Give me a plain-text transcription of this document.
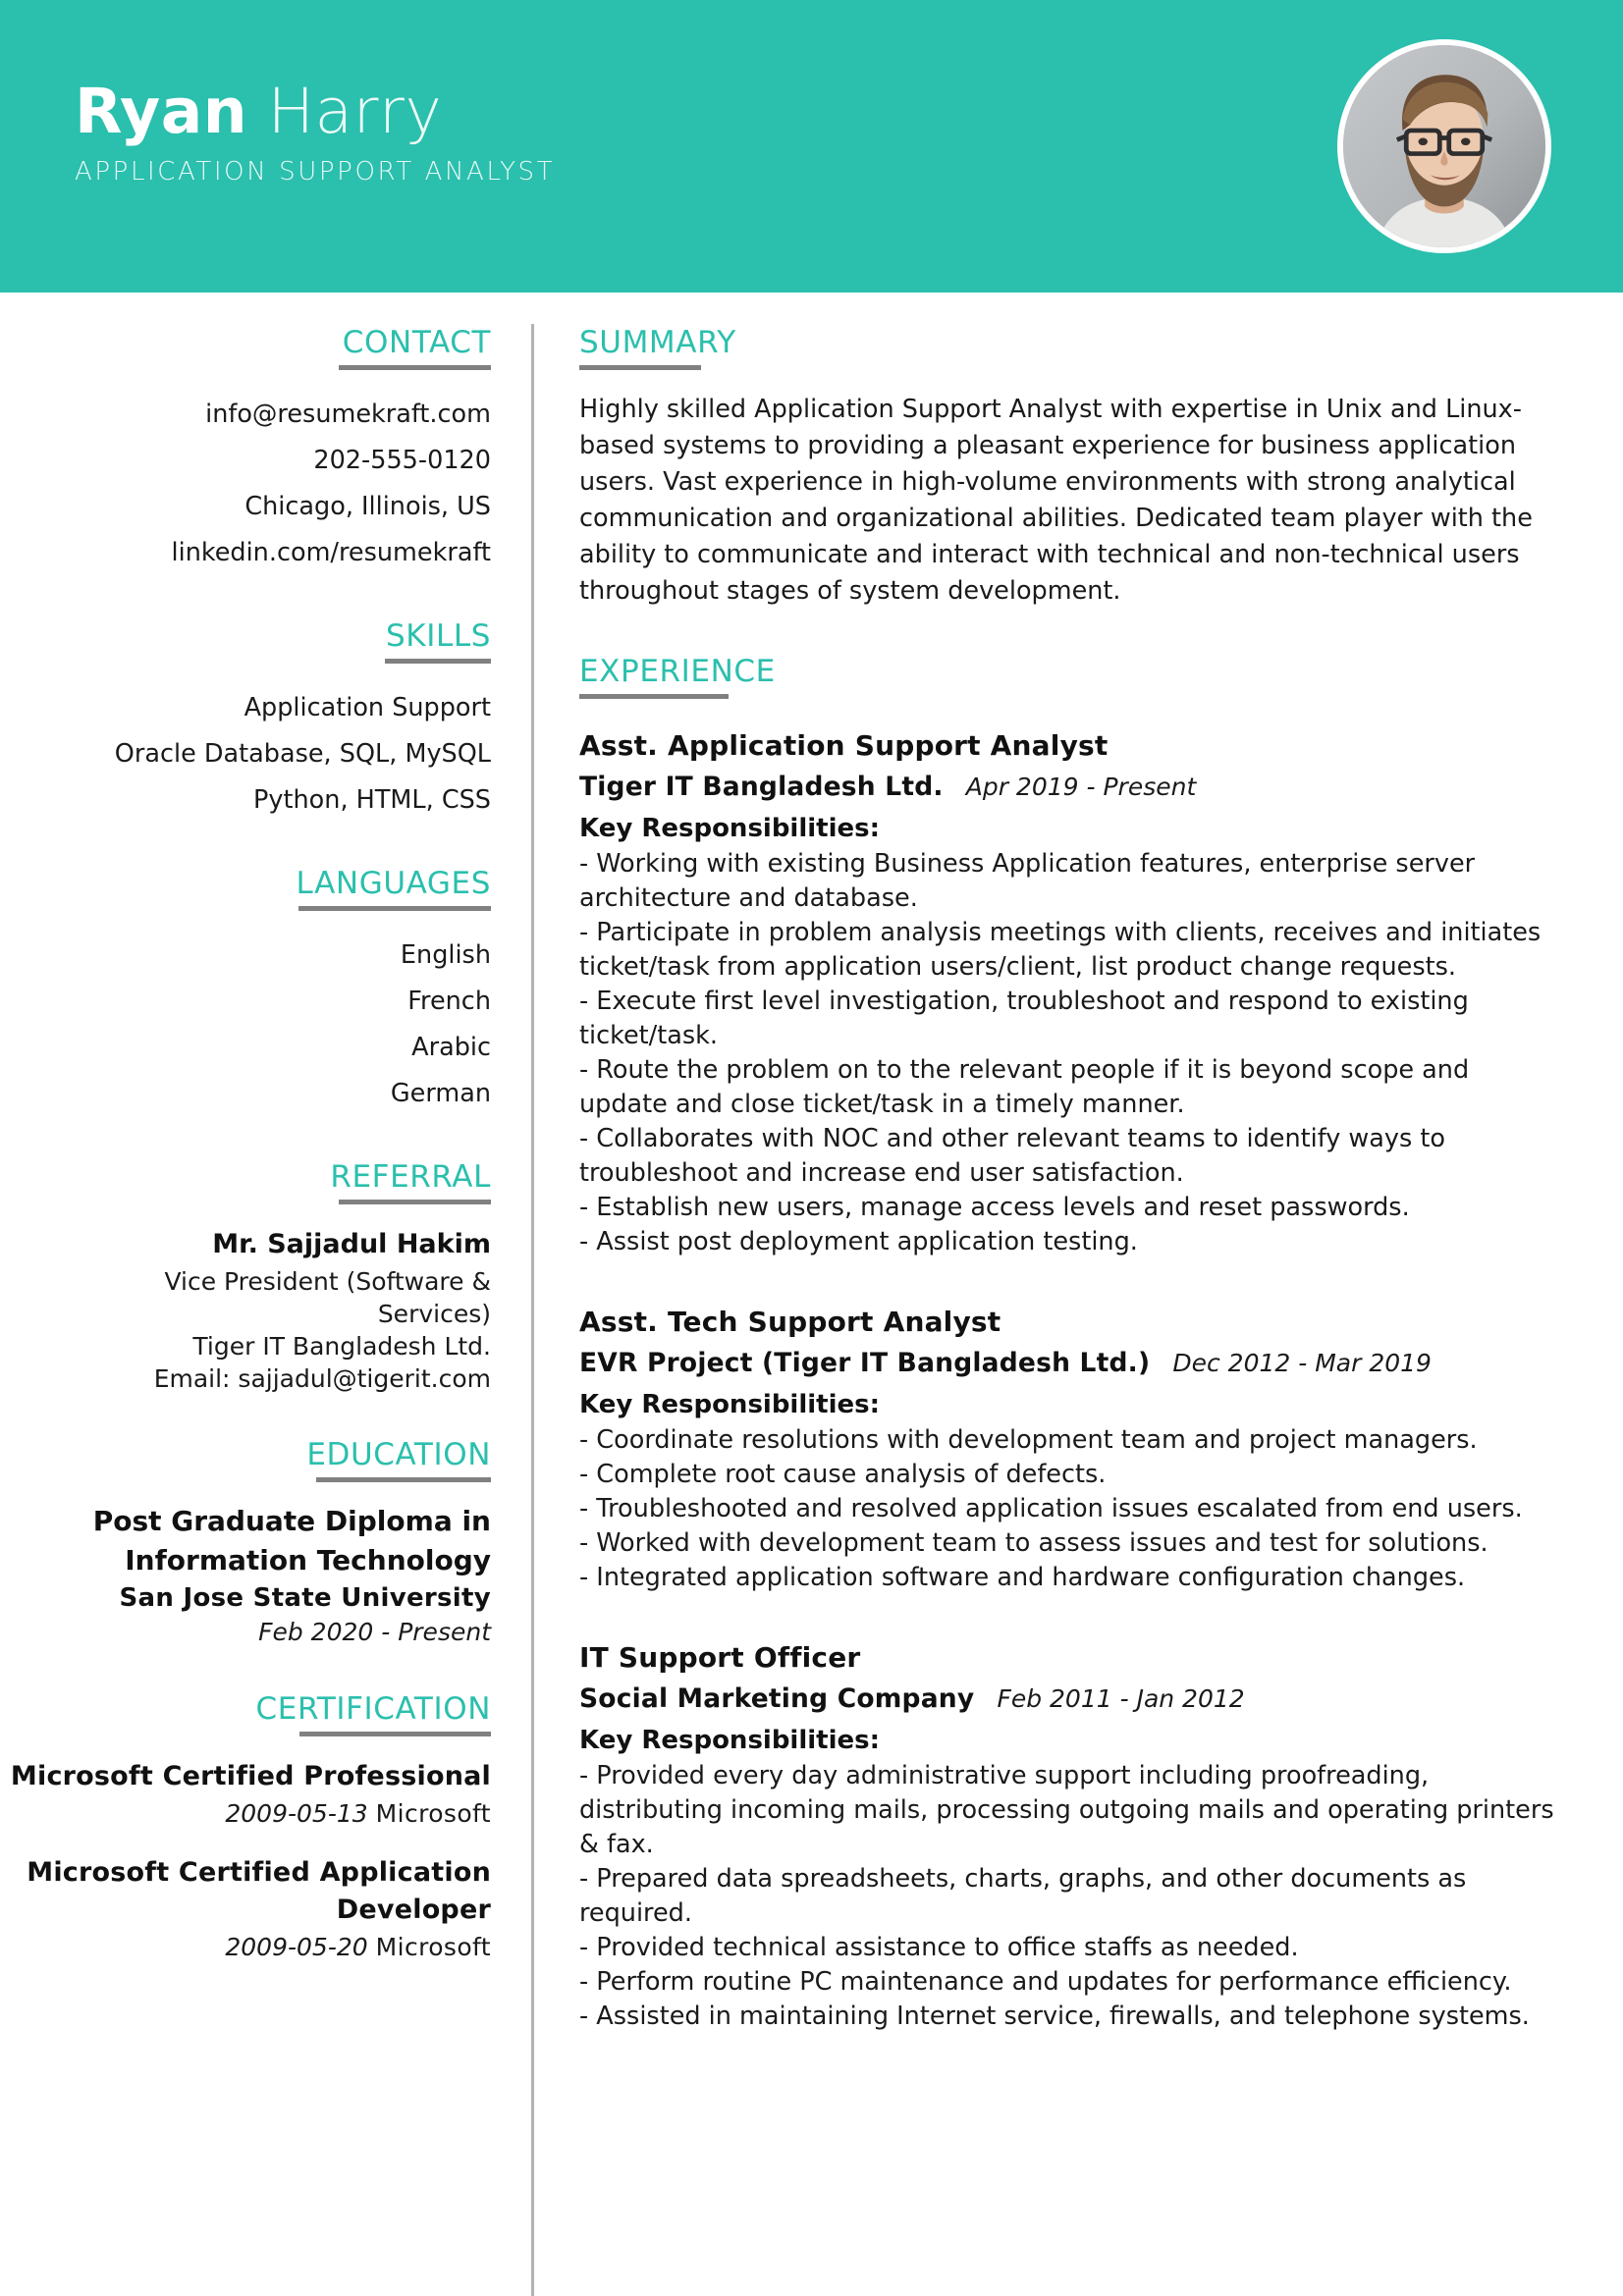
Ryan Harry
APPLICATION SUPPORT ANALYST
CONTACT
info@resumekraft.com
202-555-0120
Chicago, Illinois, US
linkedin.com/resumekraft
SKILLS
Application Support
Oracle Database, SQL, MySQL
Python, HTML, CSS
LANGUAGES
English
French
Arabic
German
REFERRAL
Mr. Sajjadul Hakim
Vice President (Software &
Services)
Tiger IT Bangladesh Ltd.
Email: sajjadul@tigerit.com
EDUCATION
Post Graduate Diploma in Information Technology
San Jose State University
Feb 2020 - Present
CERTIFICATION
Microsoft Certified Professional
2009-05-13 Microsoft
Microsoft Certified Application Developer
2009-05-20 Microsoft
SUMMARY
Highly skilled Application Support Analyst with expertise in Unix and Linux-based systems to providing a pleasant experience for business application users. Vast experience in high-volume environments with strong analytical communication and organizational abilities. Dedicated team player with the ability to communicate and interact with technical and non-technical users throughout stages of system development.
EXPERIENCE
Asst. Application Support Analyst
Tiger IT Bangladesh Ltd. Apr 2019 - Present
Key Responsibilities:
- Working with existing Business Application features, enterprise server architecture and database.
- Participate in problem analysis meetings with clients, receives and initiates ticket/task from application users/client, list product change requests.
- Execute first level investigation, troubleshoot and respond to existing ticket/task.
- Route the problem on to the relevant people if it is beyond scope and update and close ticket/task in a timely manner.
- Collaborates with NOC and other relevant teams to identify ways to troubleshoot and increase end user satisfaction.
- Establish new users, manage access levels and reset passwords.
- Assist post deployment application testing.
Asst. Tech Support Analyst
EVR Project (Tiger IT Bangladesh Ltd.) Dec 2012 - Mar 2019
Key Responsibilities:
- Coordinate resolutions with development team and project managers.
- Complete root cause analysis of defects.
- Troubleshooted and resolved application issues escalated from end users.
- Worked with development team to assess issues and test for solutions.
- Integrated application software and hardware configuration changes.
IT Support Officer
Social Marketing Company Feb 2011 - Jan 2012
Key Responsibilities:
- Provided every day administrative support including proofreading, distributing incoming mails, processing outgoing mails and operating printers & fax.
- Prepared data spreadsheets, charts, graphs, and other documents as required.
- Provided technical assistance to office staffs as needed.
- Perform routine PC maintenance and updates for performance efficiency.
- Assisted in maintaining Internet service, firewalls, and telephone systems.
